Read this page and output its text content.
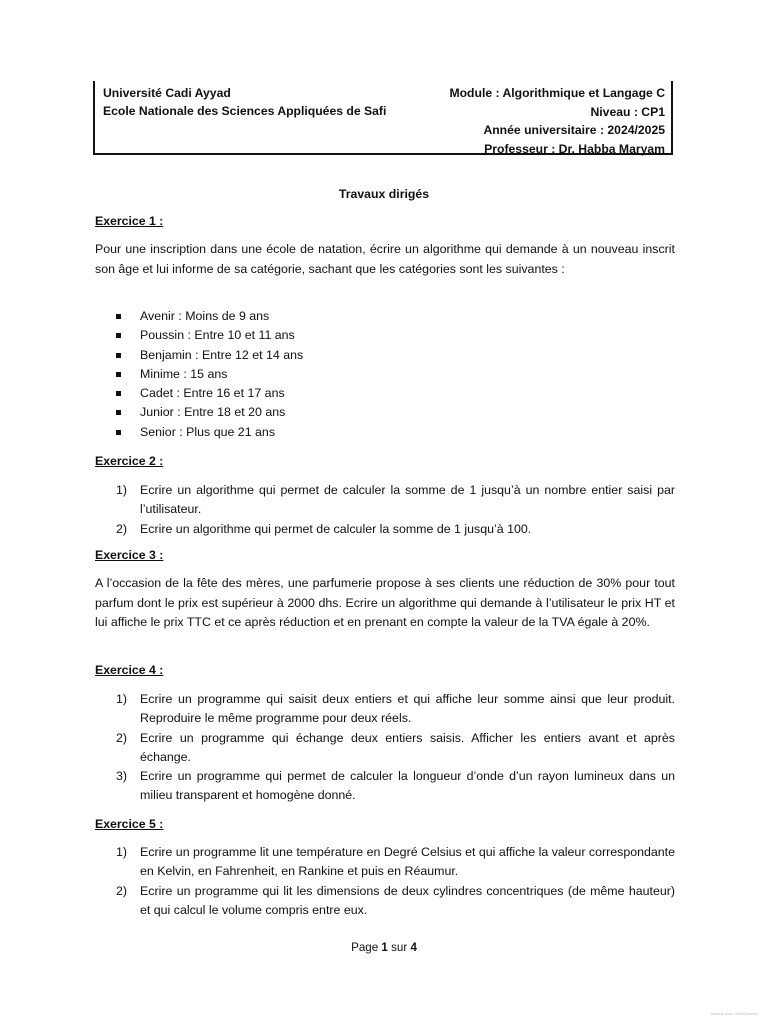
Université Cadi Ayyad
Ecole Nationale des Sciences Appliquées de Safi
Module : Algorithmique et Langage C
Niveau : CP1
Année universitaire : 2024/2025
Professeur : Dr. Habba Maryam
Travaux dirigés
Exercice 1 :
Pour une inscription dans une école de natation, écrire un algorithme qui demande à un nouveau inscrit son âge et lui informe de sa catégorie, sachant que les catégories sont les suivantes :
Avenir : Moins de 9 ans
Poussin : Entre 10 et 11 ans
Benjamin : Entre 12 et 14 ans
Minime : 15 ans
Cadet : Entre 16 et 17 ans
Junior : Entre 18 et 20 ans
Senior : Plus que 21 ans
Exercice 2 :
1) Ecrire un algorithme qui permet de calculer la somme de 1 jusqu’à un nombre entier saisi par l’utilisateur.
2) Ecrire un algorithme qui permet de calculer la somme de 1 jusqu’à 100.
Exercice 3 :
A l’occasion de la fête des mères, une parfumerie propose à ses clients une réduction de 30% pour tout parfum dont le prix est supérieur à 2000 dhs. Ecrire un algorithme qui demande à l’utilisateur le prix HT et lui affiche le prix TTC et ce après réduction et en prenant en compte la valeur de la TVA égale à 20%.
Exercice 4 :
1) Ecrire un programme qui saisit deux entiers et qui affiche leur somme ainsi que leur produit. Reproduire le même programme pour deux réels.
2) Ecrire un programme qui échange deux entiers saisis. Afficher les entiers avant et après échange.
3) Ecrire un programme qui permet de calculer la longueur d’onde d’un rayon lumineux dans un milieu transparent et homogène donné.
Exercice 5 :
1) Ecrire un programme lit une température en Degré Celsius et qui affiche la valeur correspondante en Kelvin, en Fahrenheit, en Rankine et puis en Réaumur.
2) Ecrire un programme qui lit les dimensions de deux cylindres concentriques (de même hauteur) et qui calcul le volume compris entre eux.
Page 1 sur 4
Scanné avec CamScanner
